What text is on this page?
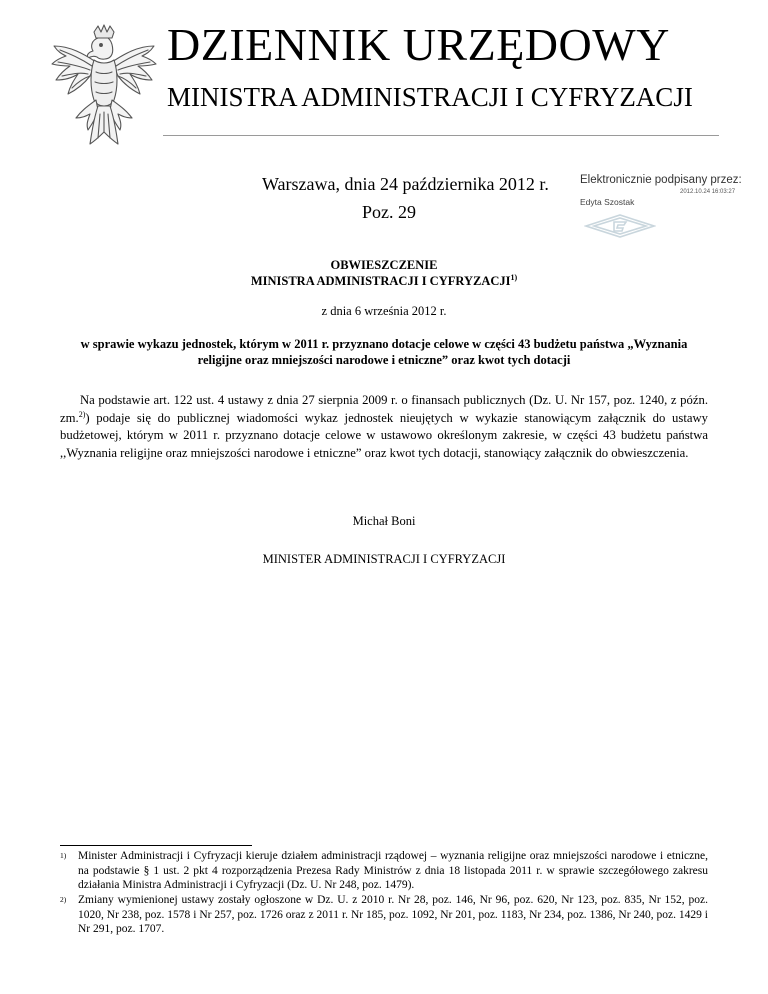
DZIENNIK URZĘDOWY
MINISTRA ADMINISTRACJI I CYFRYZACJI
Warszawa, dnia 24 października 2012 r.
Poz. 29
Elektronicznie podpisany przez:
2012.10.24 16:03:27
Edyta Szostak
OBWIESZCZENIE
MINISTRA ADMINISTRACJI I CYFRYZACJI$^{1)}$
z dnia 6 września 2012 r.
w sprawie wykazu jednostek, którym w 2011 r. przyznano dotacje celowe w części 43 budżetu państwa „Wyznania religijne oraz mniejszości narodowe i etniczne” oraz kwot tych dotacji

Na podstawie art. 122 ust. 4 ustawy z dnia 27 sierpnia 2009 r. o finansach publicznych (Dz. U. Nr 157, poz. 1240, z późn. zm.$^{2)}$) podaje się do publicznej wiadomości wykaz jednostek nieujętych w wykazie stanowiącym załącznik do ustawy budżetowej, którym w 2011 r. przyznano dotacje celowe w ustawowo określonym zakresie, w części 43 budżetu państwa ,,Wyznania religijne oraz mniejszości narodowe i etniczne” oraz kwot tych dotacji, stanowiący załącznik do obwieszczenia.

Michał Boni
MINISTER ADMINISTRACJI I CYFRYZACJI
1) Minister Administracji i Cyfryzacji kieruje działem administracji rządowej – wyznania religijne oraz mniejszości narodowe i etniczne, na podstawie § 1 ust. 2 pkt 4 rozporządzenia Prezesa Rady Ministrów z dnia 18 listopada 2011 r. w sprawie szczegółowego zakresu działania Ministra Administracji i Cyfryzacji (Dz. U. Nr 248, poz. 1479).
2) Zmiany wymienionej ustawy zostały ogłoszone w Dz. U. z 2010 r. Nr 28, poz. 146, Nr 96, poz. 620, Nr 123, poz. 835, Nr 152, poz. 1020, Nr 238, poz. 1578 i Nr 257, poz. 1726 oraz z 2011 r. Nr 185, poz. 1092, Nr 201, poz. 1183, Nr 234, poz. 1386, Nr 240, poz. 1429 i Nr 291, poz. 1707.
